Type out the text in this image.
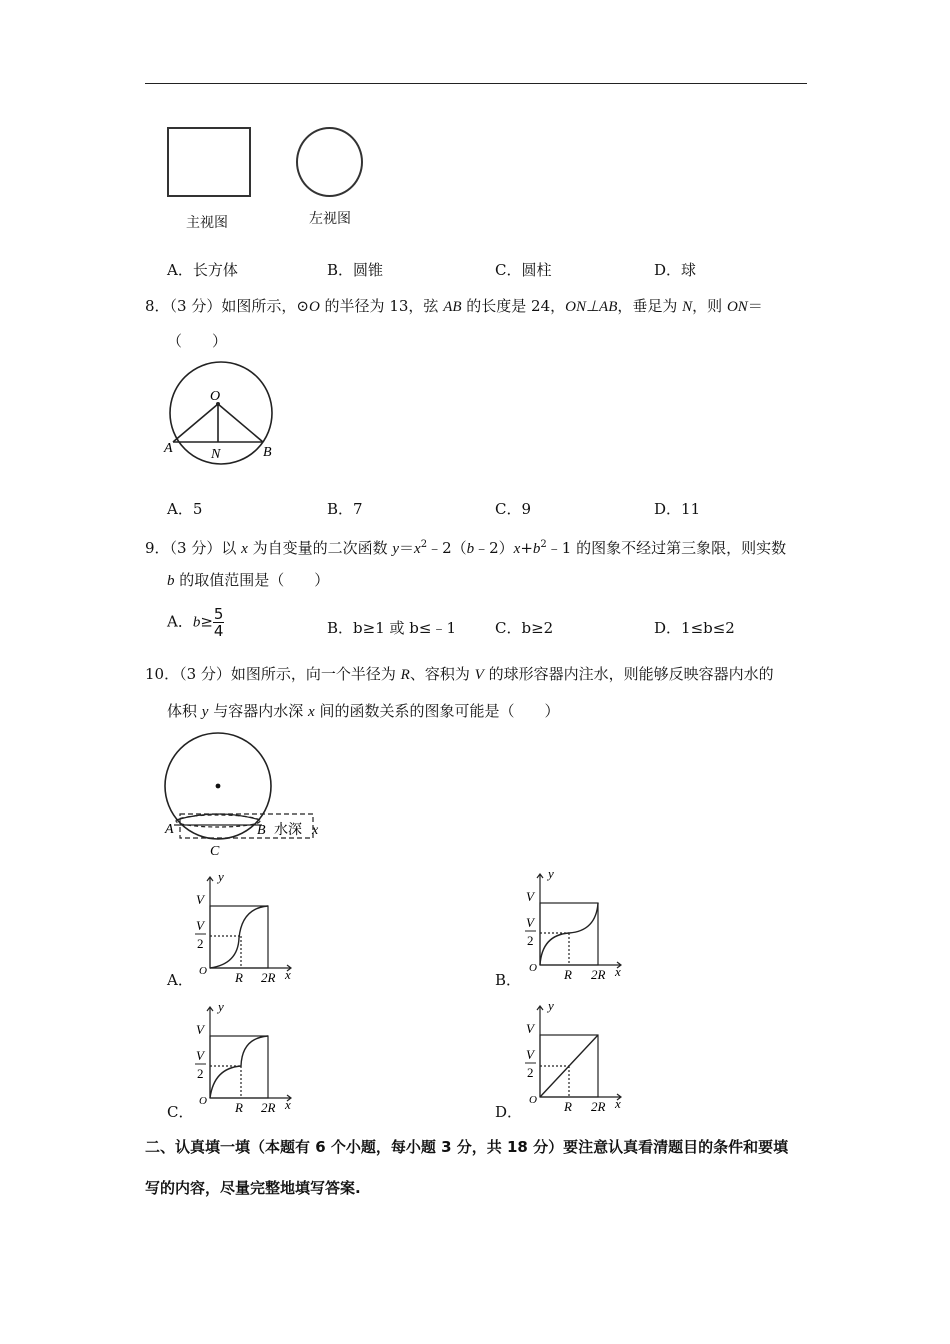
主视图	左视图
A．长方体	B．圆锥	C．圆柱	D．球
8．（3 分）如图所示，⊙O 的半径为 13，弦 AB 的长度是 24，ON⊥AB，垂足为 N，则 ON＝
（　　）
O
A	N	B
A．5	B．7	C．9	D．11
9．（3 分）以 x 为自变量的二次函数 $y=x^2﹣2(b﹣2)x+b^2﹣1$ 的图象不经过第三象限，则实数
b 的取值范围是（　　）
A．$b\ge \frac{5}{4}$	B．b≥1 或 b≤﹣1	C．b≥2	D．1≤b≤2
10．（3 分）如图所示，向一个半径为 R、容积为 V 的球形容器内注水，则能够反映容器内水的
体积 y 与容器内水深 x 间的函数关系的图象可能是（　　）
A	B
C
水深 x
y
V
V
2
O R 2R x
A．
y
V
V
2
O R 2R x
B．
y
V
V
2
O R 2R x
C．
y
V
V
2
O R 2R x
D．
二、认真填一填（本题有 6 个小题，每小题 3 分，共 18 分）要注意认真看清题目的条件和要填
写的内容，尽量完整地填写答案.
